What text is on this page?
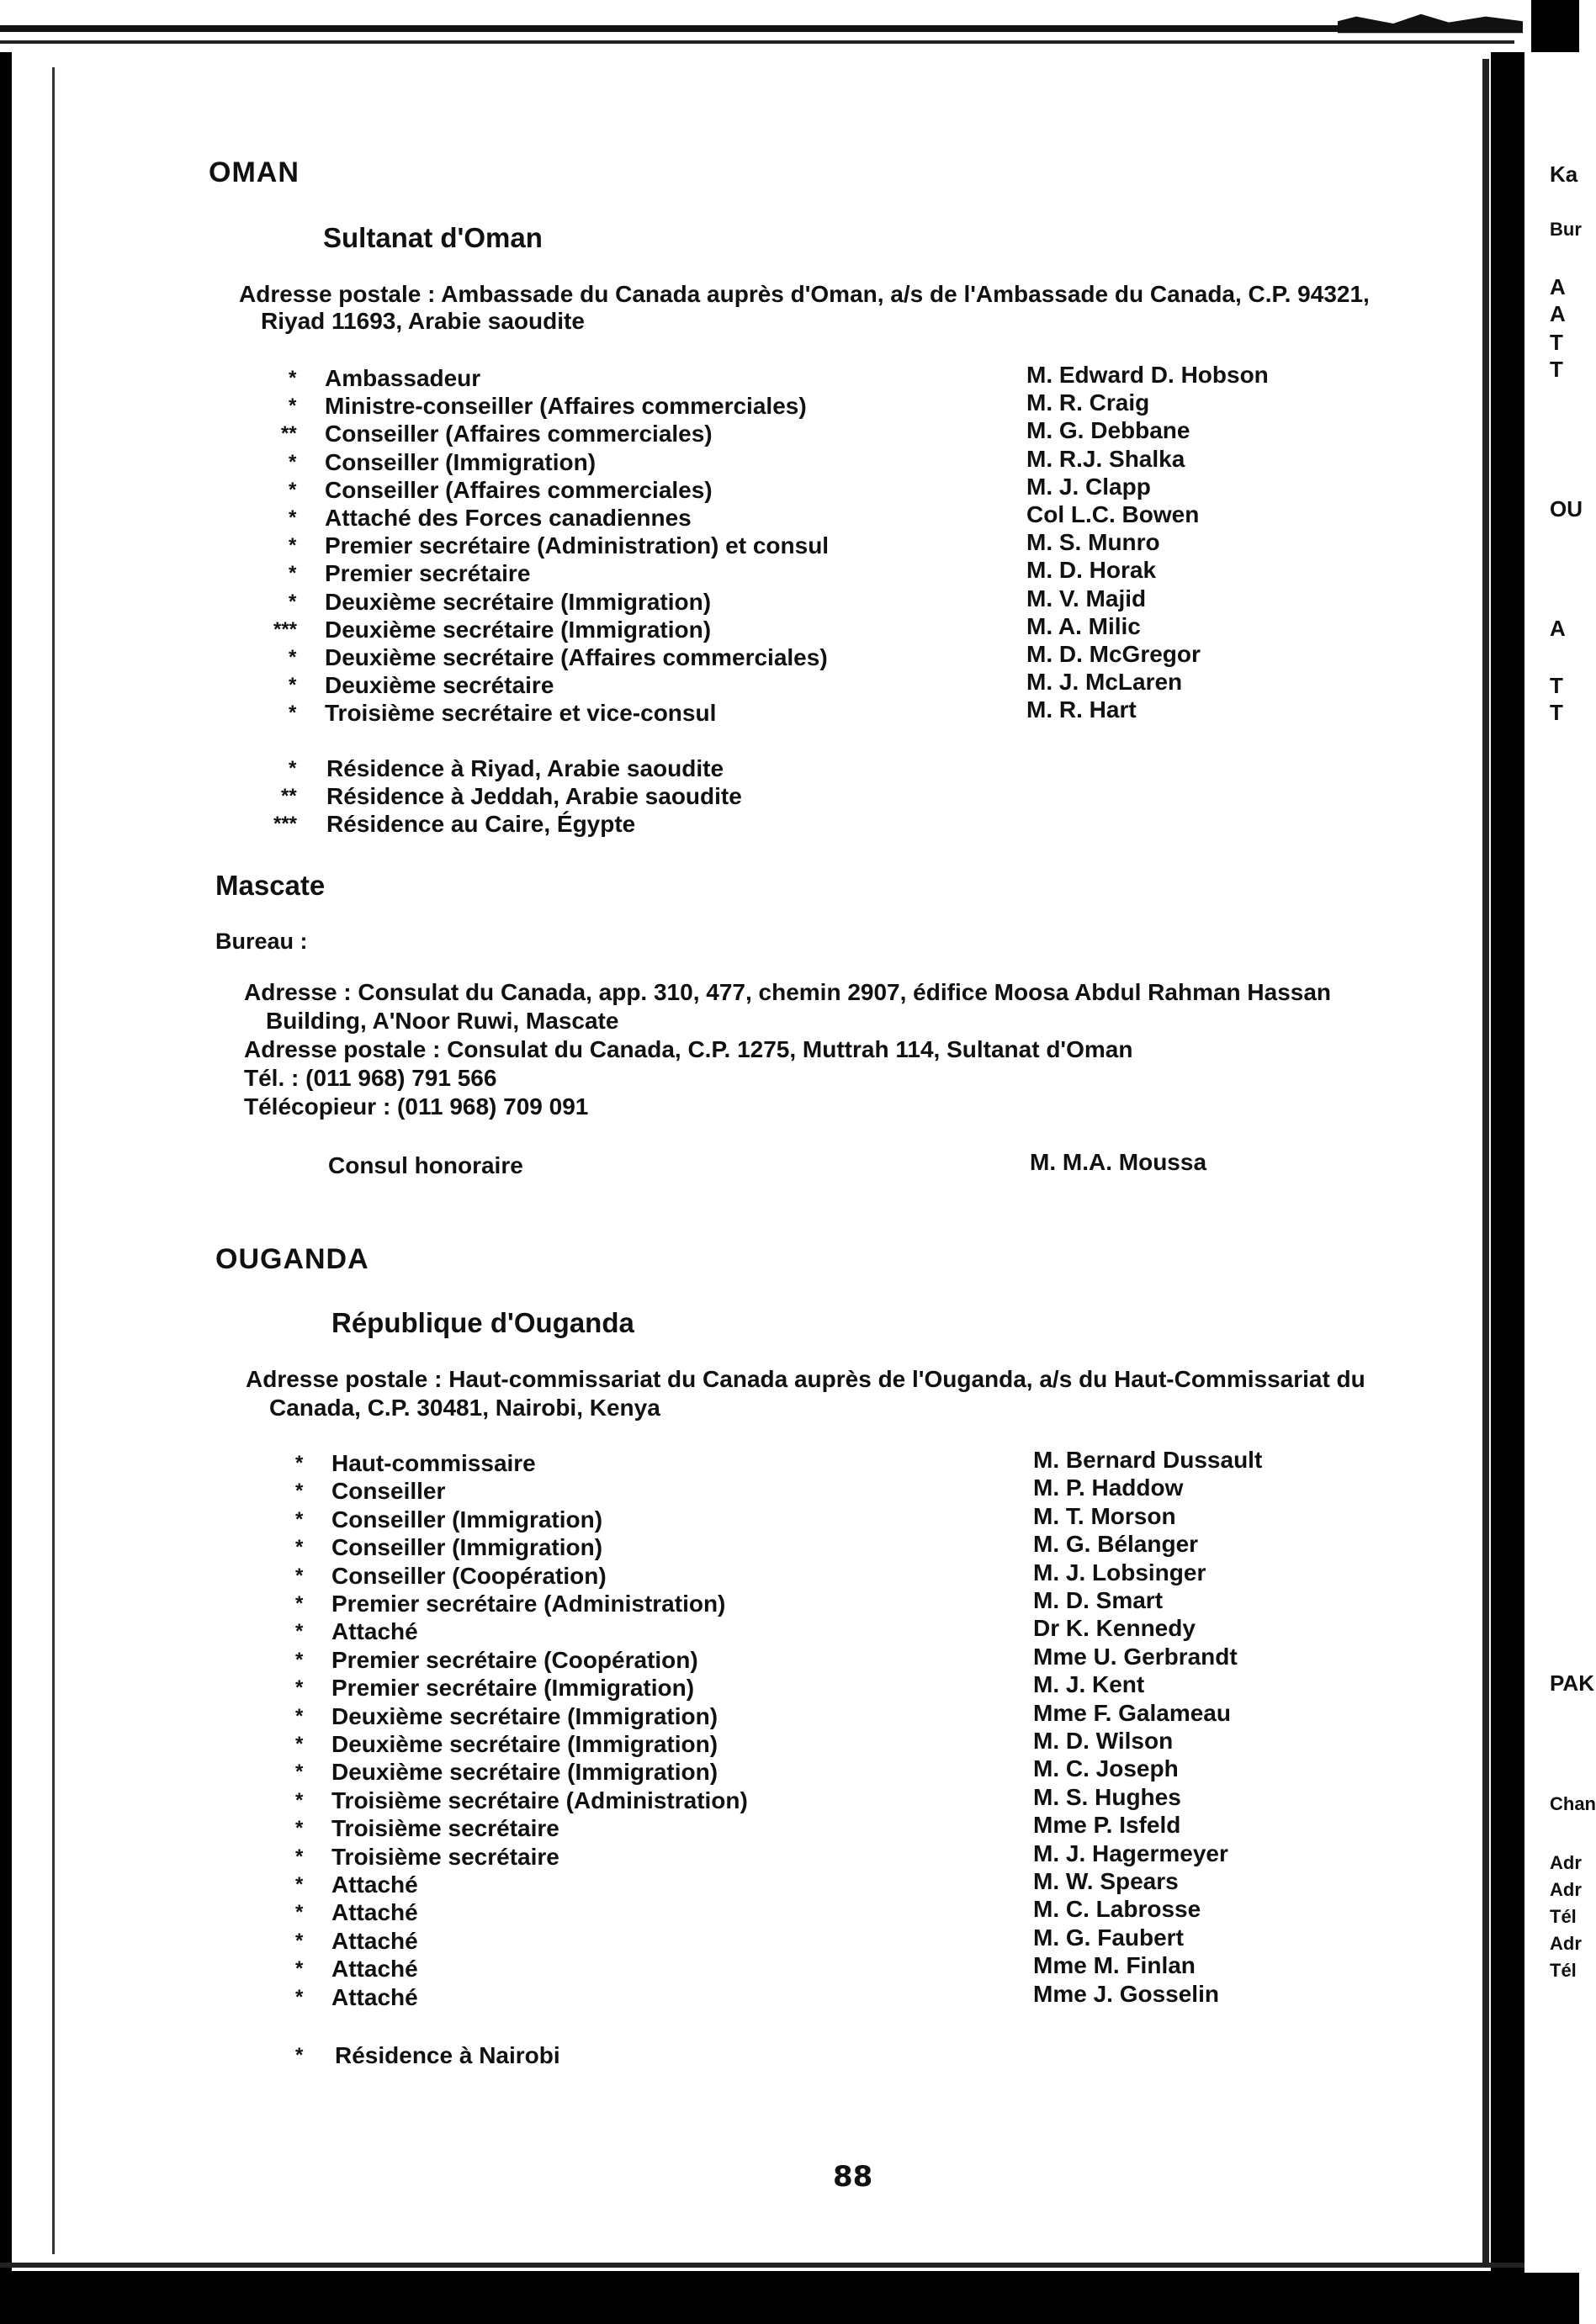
Ka
Bur
A
A
T
T
OU
A
T
T
PAK
Chan
Adr
Adr
Tél
Adr
Tél
OMAN
Sultanat d'Oman
Adresse postale : Ambassade du Canada auprès d'Oman, a/s de l'Ambassade du Canada, C.P. 94321,
Riyad 11693, Arabie saoudite
* Ambassadeur	M. Edward D. Hobson
* Ministre-conseiller (Affaires commerciales)	M. R. Craig
** Conseiller (Affaires commerciales)	M. G. Debbane
* Conseiller (Immigration)	M. R.J. Shalka
* Conseiller (Affaires commerciales)	M. J. Clapp
* Attaché des Forces canadiennes	Col L.C. Bowen
* Premier secrétaire (Administration) et consul	M. S. Munro
* Premier secrétaire	M. D. Horak
* Deuxième secrétaire (Immigration)	M. V. Majid
*** Deuxième secrétaire (Immigration)	M. A. Milic
* Deuxième secrétaire (Affaires commerciales)	M. D. McGregor
* Deuxième secrétaire	M. J. McLaren
* Troisième secrétaire et vice-consul	M. R. Hart
* Résidence à Riyad, Arabie saoudite
** Résidence à Jeddah, Arabie saoudite
*** Résidence au Caire, Égypte
Mascate
Bureau :
Adresse : Consulat du Canada, app. 310, 477, chemin 2907, édifice Moosa Abdul Rahman Hassan
Building, A'Noor Ruwi, Mascate
Adresse postale : Consulat du Canada, C.P. 1275, Muttrah 114, Sultanat d'Oman
Tél. : (011 968) 791 566
Télécopieur : (011 968) 709 091
Consul honoraire	M. M.A. Moussa
OUGANDA
République d'Ouganda
Adresse postale : Haut-commissariat du Canada auprès de l'Ouganda, a/s du Haut-Commissariat du
Canada, C.P. 30481, Nairobi, Kenya
* Haut-commissaire	M. Bernard Dussault
* Conseiller	M. P. Haddow
* Conseiller (Immigration)	M. T. Morson
* Conseiller (Immigration)	M. G. Bélanger
* Conseiller (Coopération)	M. J. Lobsinger
* Premier secrétaire (Administration)	M. D. Smart
* Attaché	Dr K. Kennedy
* Premier secrétaire (Coopération)	Mme U. Gerbrandt
* Premier secrétaire (Immigration)	M. J. Kent
* Deuxième secrétaire (Immigration)	Mme F. Galameau
* Deuxième secrétaire (Immigration)	M. D. Wilson
* Deuxième secrétaire (Immigration)	M. C. Joseph
* Troisième secrétaire (Administration)	M. S. Hughes
* Troisième secrétaire	Mme P. Isfeld
* Troisième secrétaire	M. J. Hagermeyer
* Attaché	M. W. Spears
* Attaché	M. C. Labrosse
* Attaché	M. G. Faubert
* Attaché	Mme M. Finlan
* Attaché	Mme J. Gosselin
* Résidence à Nairobi
88
